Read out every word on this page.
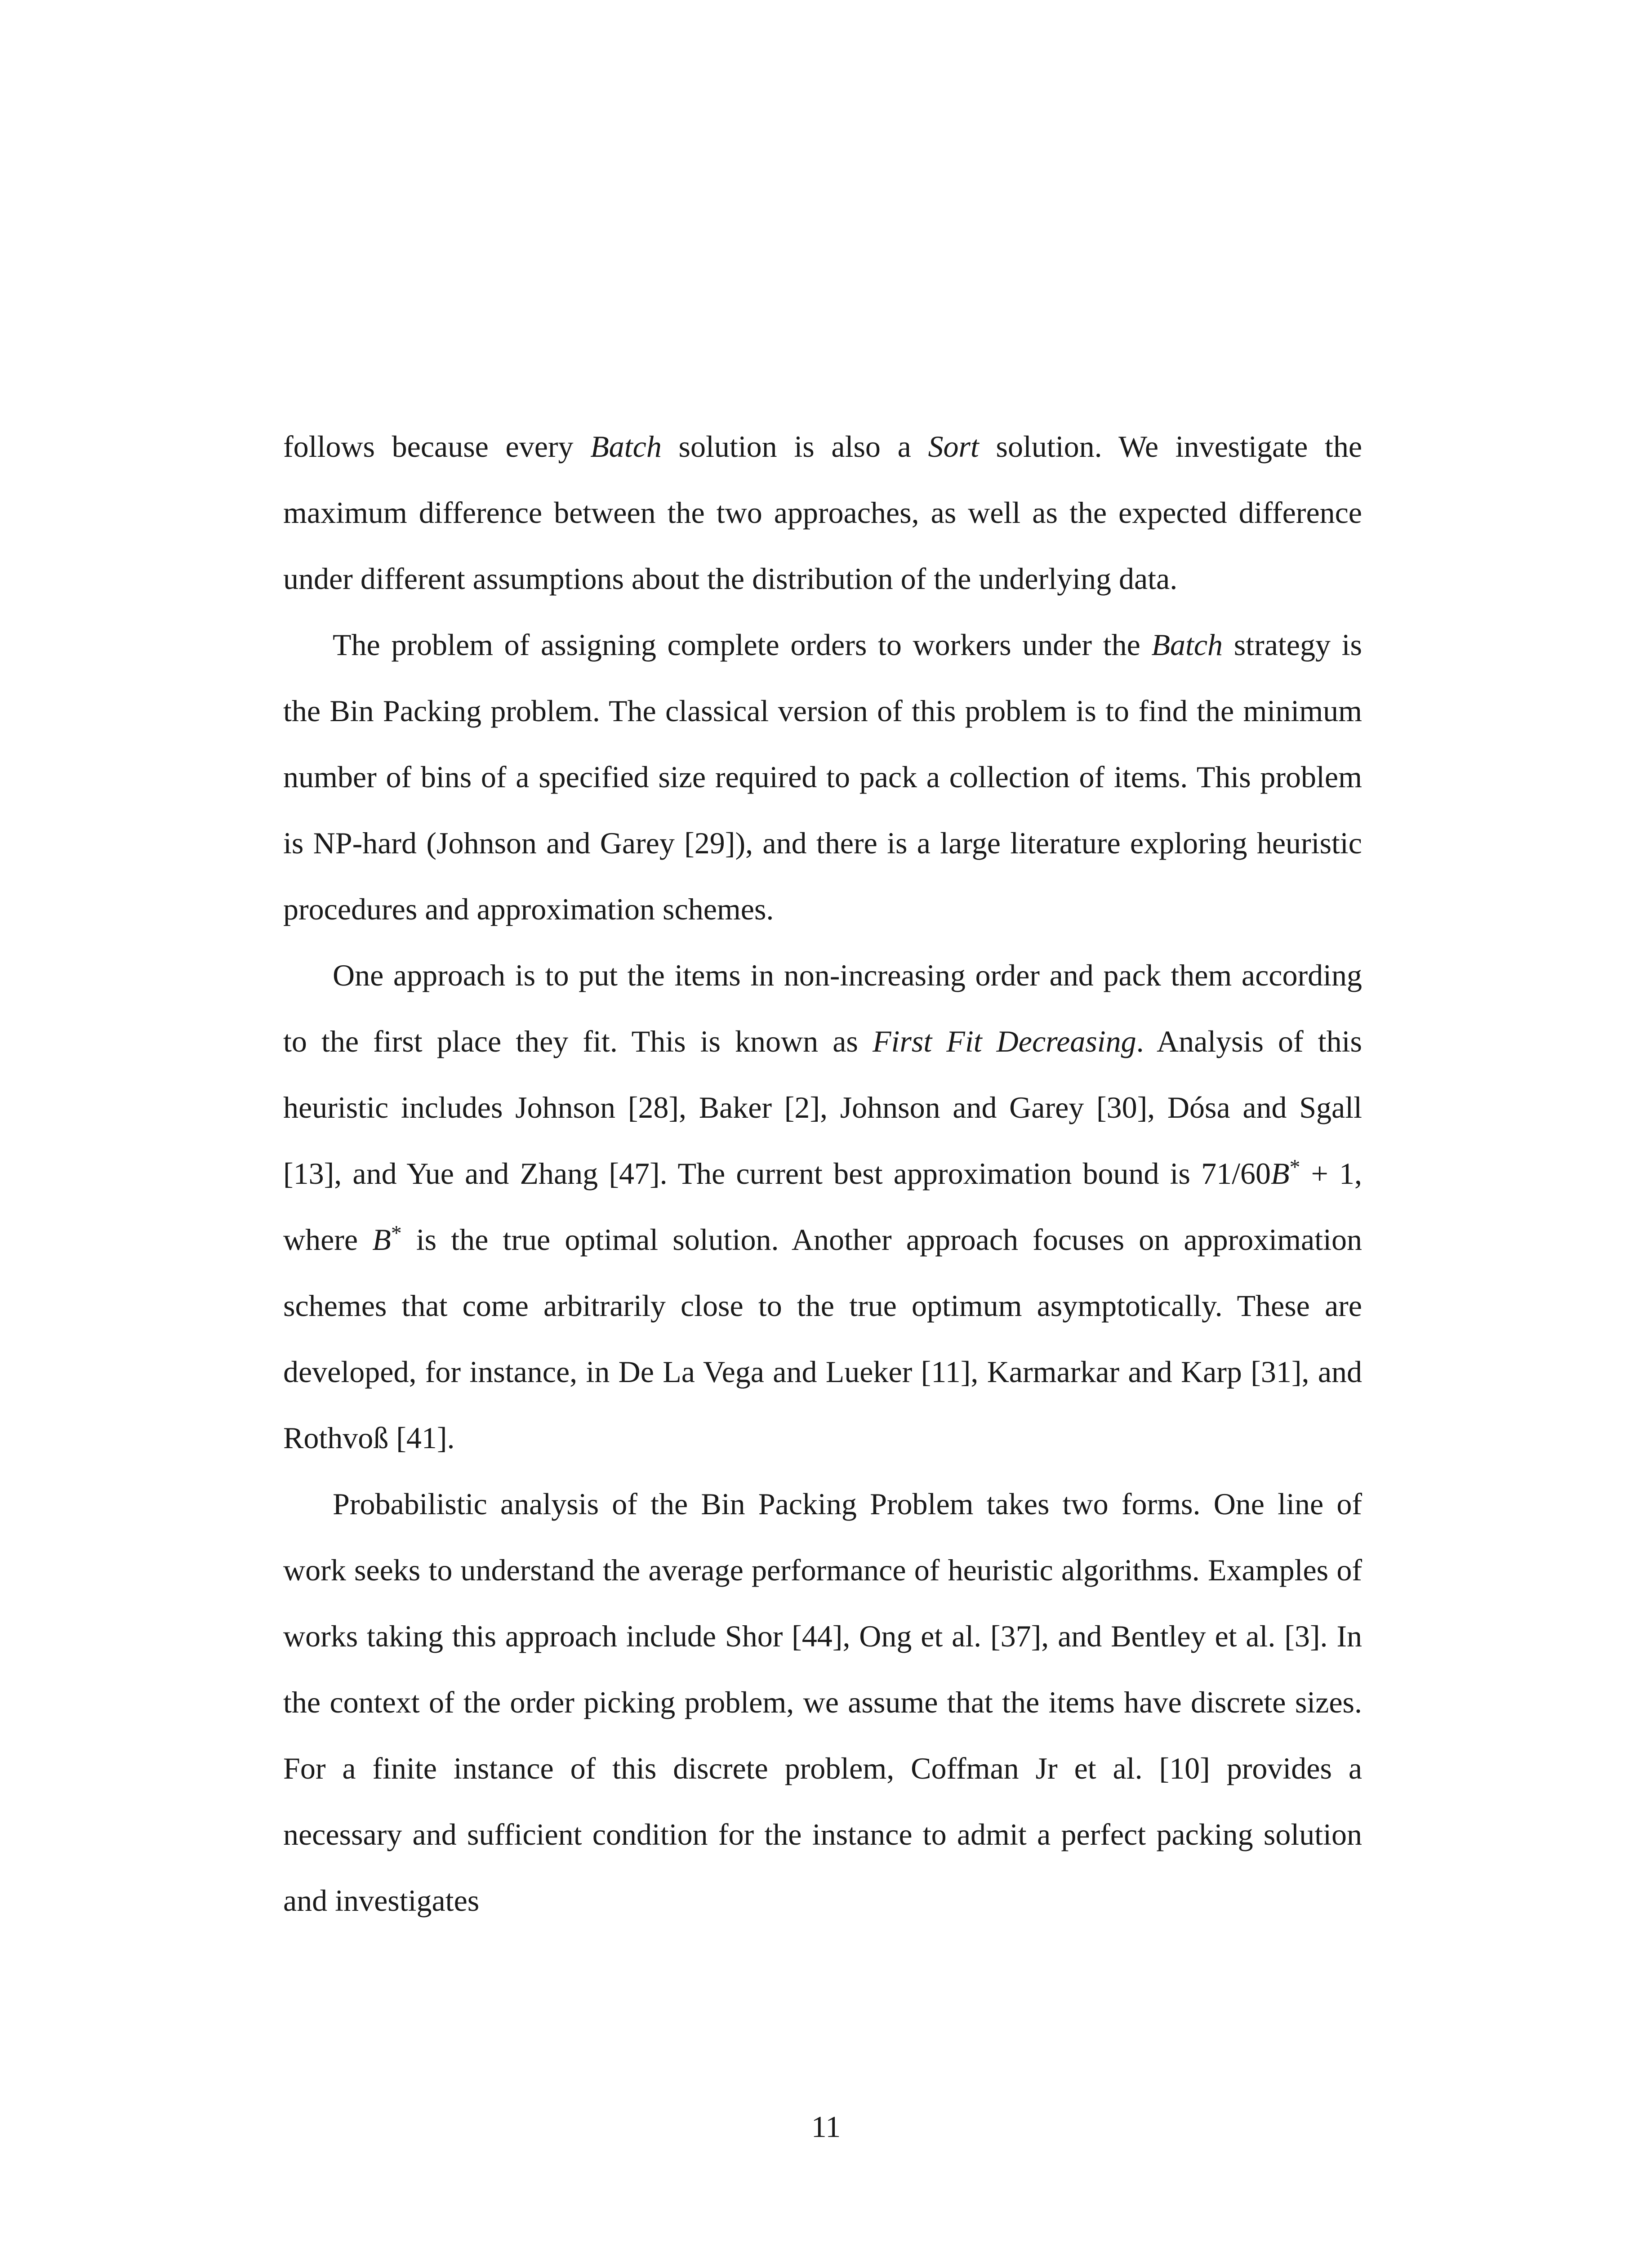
follows because every Batch solution is also a Sort solution. We investigate the maximum difference between the two approaches, as well as the expected difference under different assumptions about the distribution of the underlying data.

The problem of assigning complete orders to workers under the Batch strategy is the Bin Packing problem. The classical version of this problem is to find the minimum number of bins of a specified size required to pack a collection of items. This problem is NP-hard (Johnson and Garey [29]), and there is a large literature exploring heuristic procedures and approximation schemes.

One approach is to put the items in non-increasing order and pack them according to the first place they fit. This is known as First Fit Decreasing. Analysis of this heuristic includes Johnson [28], Baker [2], Johnson and Garey [30], Dósa and Sgall [13], and Yue and Zhang [47]. The current best approximation bound is 71/60B* + 1, where B* is the true optimal solution. Another approach focuses on approximation schemes that come arbitrarily close to the true optimum asymptotically. These are developed, for instance, in De La Vega and Lueker [11], Karmarkar and Karp [31], and Rothvoß [41].

Probabilistic analysis of the Bin Packing Problem takes two forms. One line of work seeks to understand the average performance of heuristic algorithms. Examples of works taking this approach include Shor [44], Ong et al. [37], and Bentley et al. [3]. In the context of the order picking problem, we assume that the items have discrete sizes. For a finite instance of this discrete problem, Coffman Jr et al. [10] provides a necessary and sufficient condition for the instance to admit a perfect packing solution and investigates

11
